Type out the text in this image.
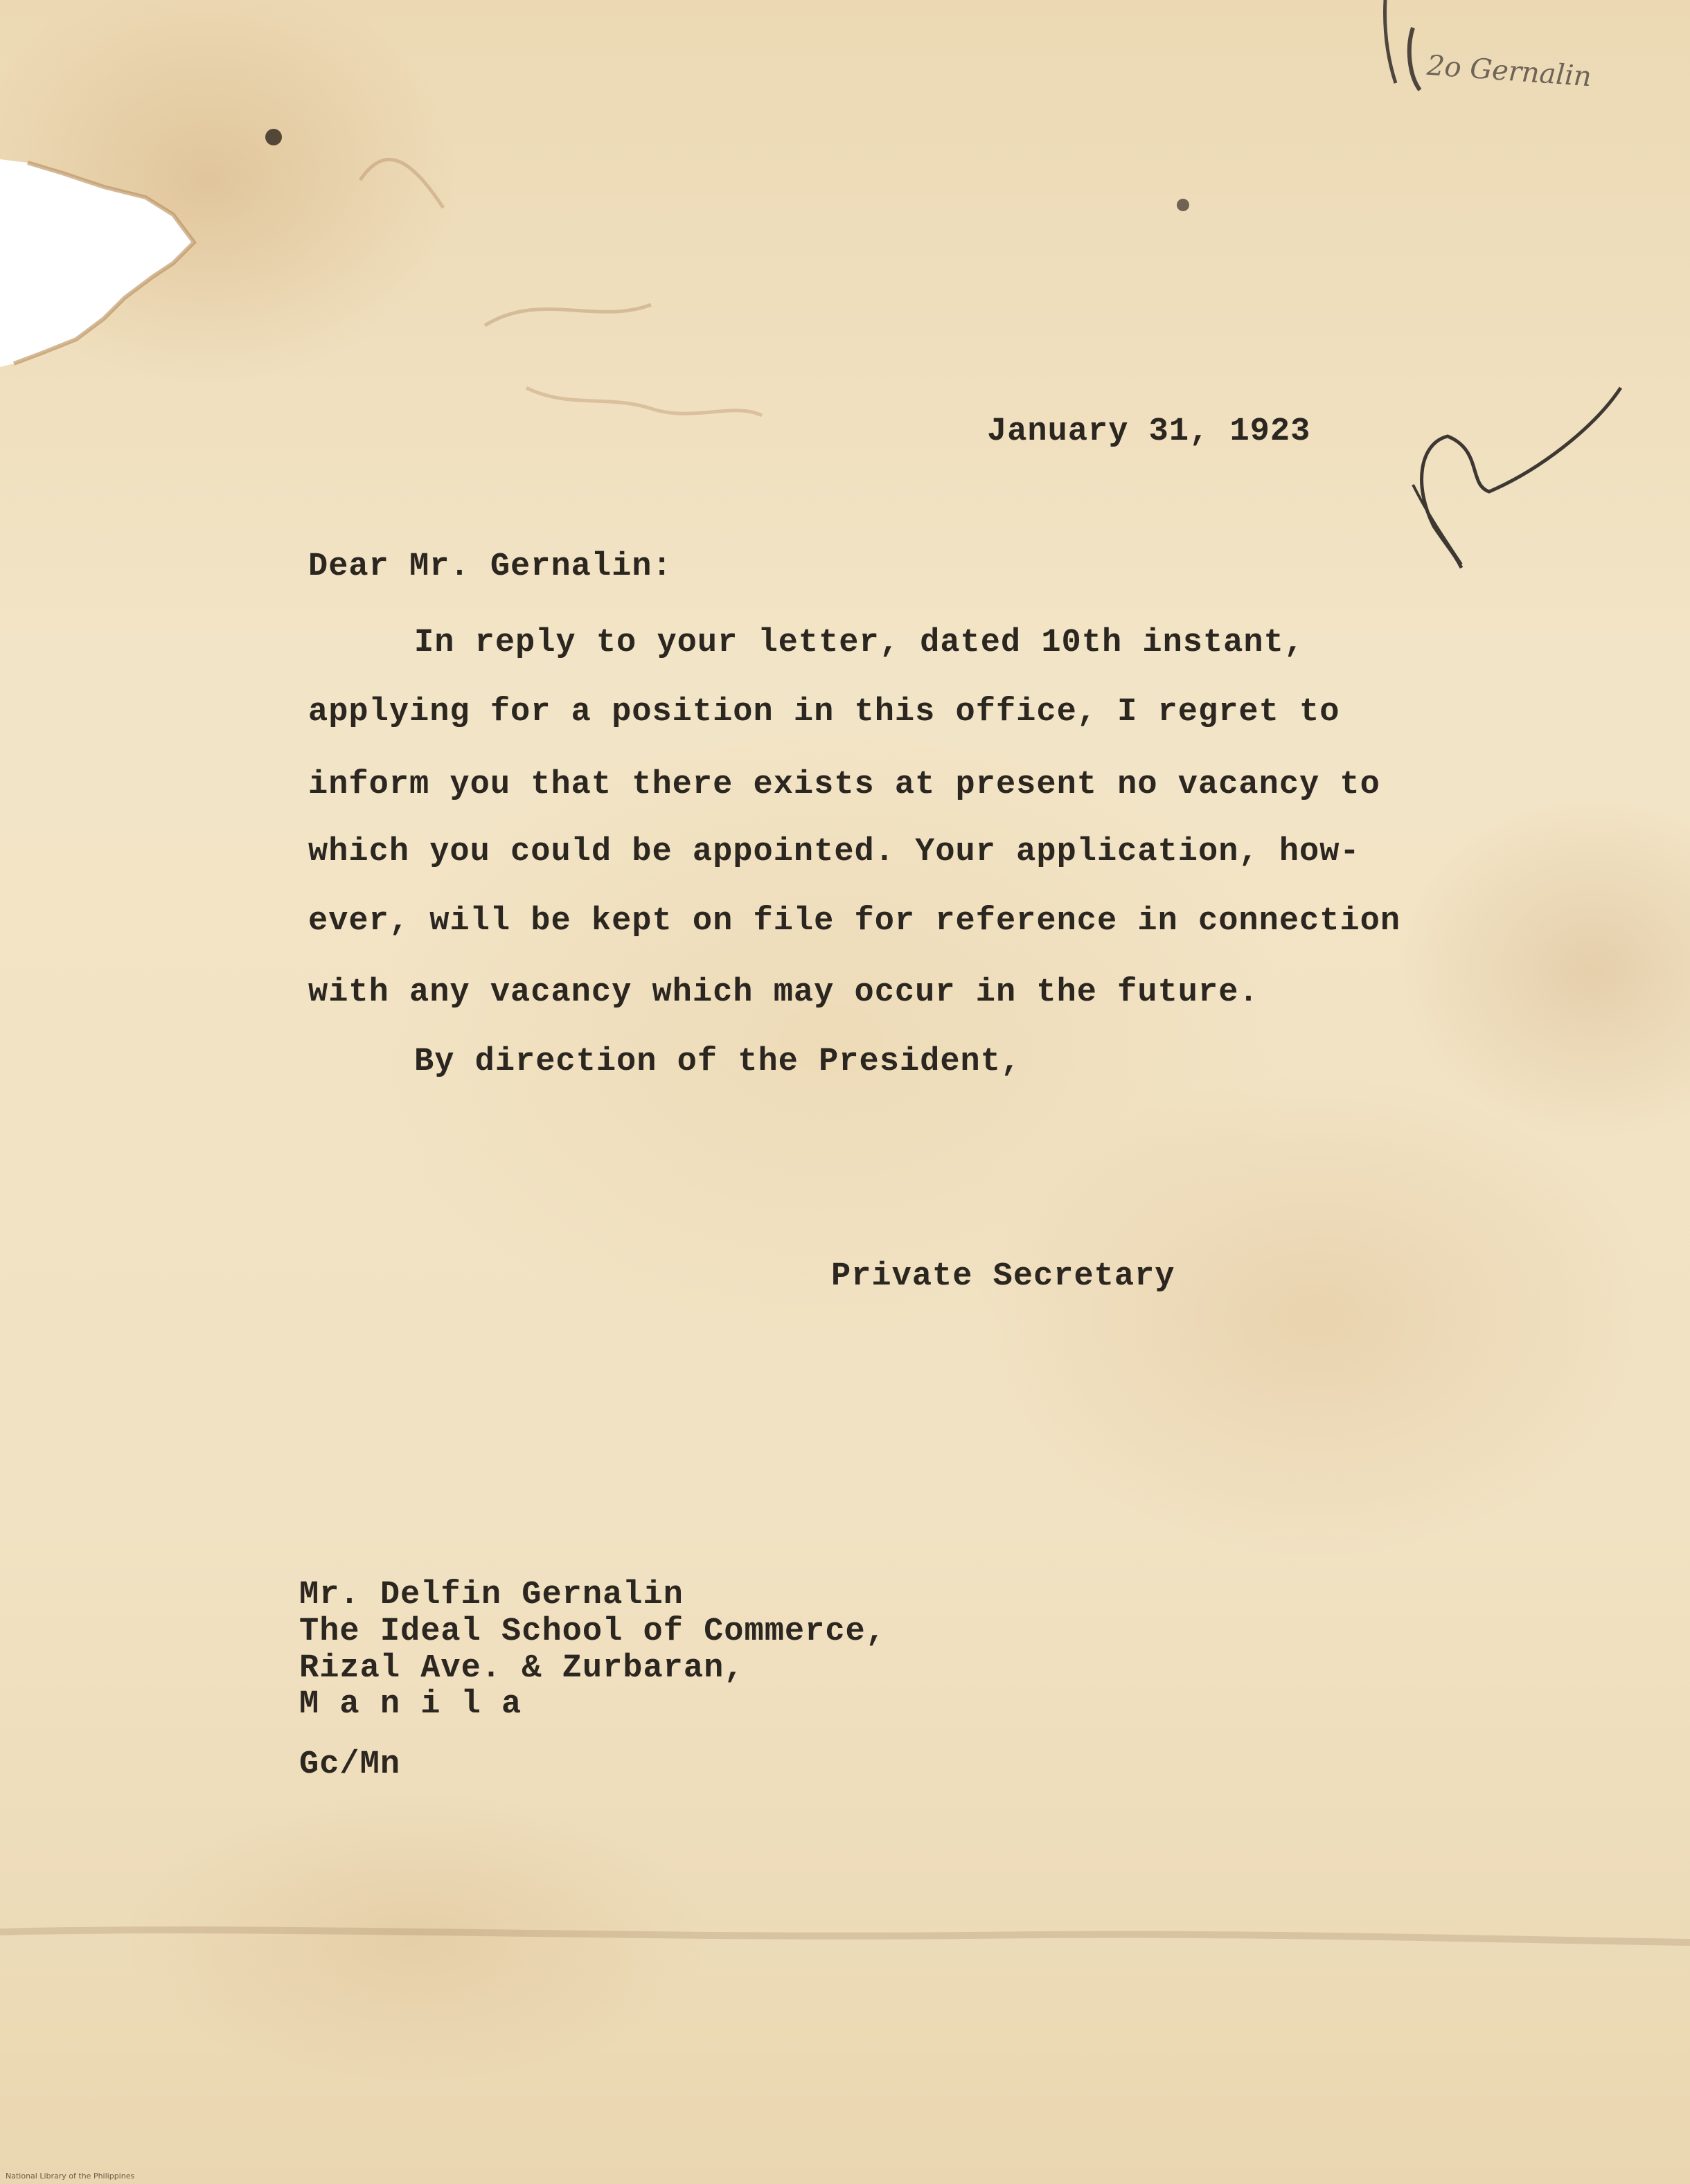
2o Gernalin
January 31, 1923
Dear Mr. Gernalin:
In reply to your letter, dated 10th instant,
applying for a position in this office, I regret to
inform you that there exists at present no vacancy to
which you could be appointed. Your application, how-
ever, will be kept on file for reference in connection
with any vacancy which may occur in the future.
By direction of the President,
Private Secretary
Mr. Delfin Gernalin
The Ideal School of Commerce,
Rizal Ave. & Zurbaran,
M a n i l a
Gc/Mn
National Library of the Philippines
